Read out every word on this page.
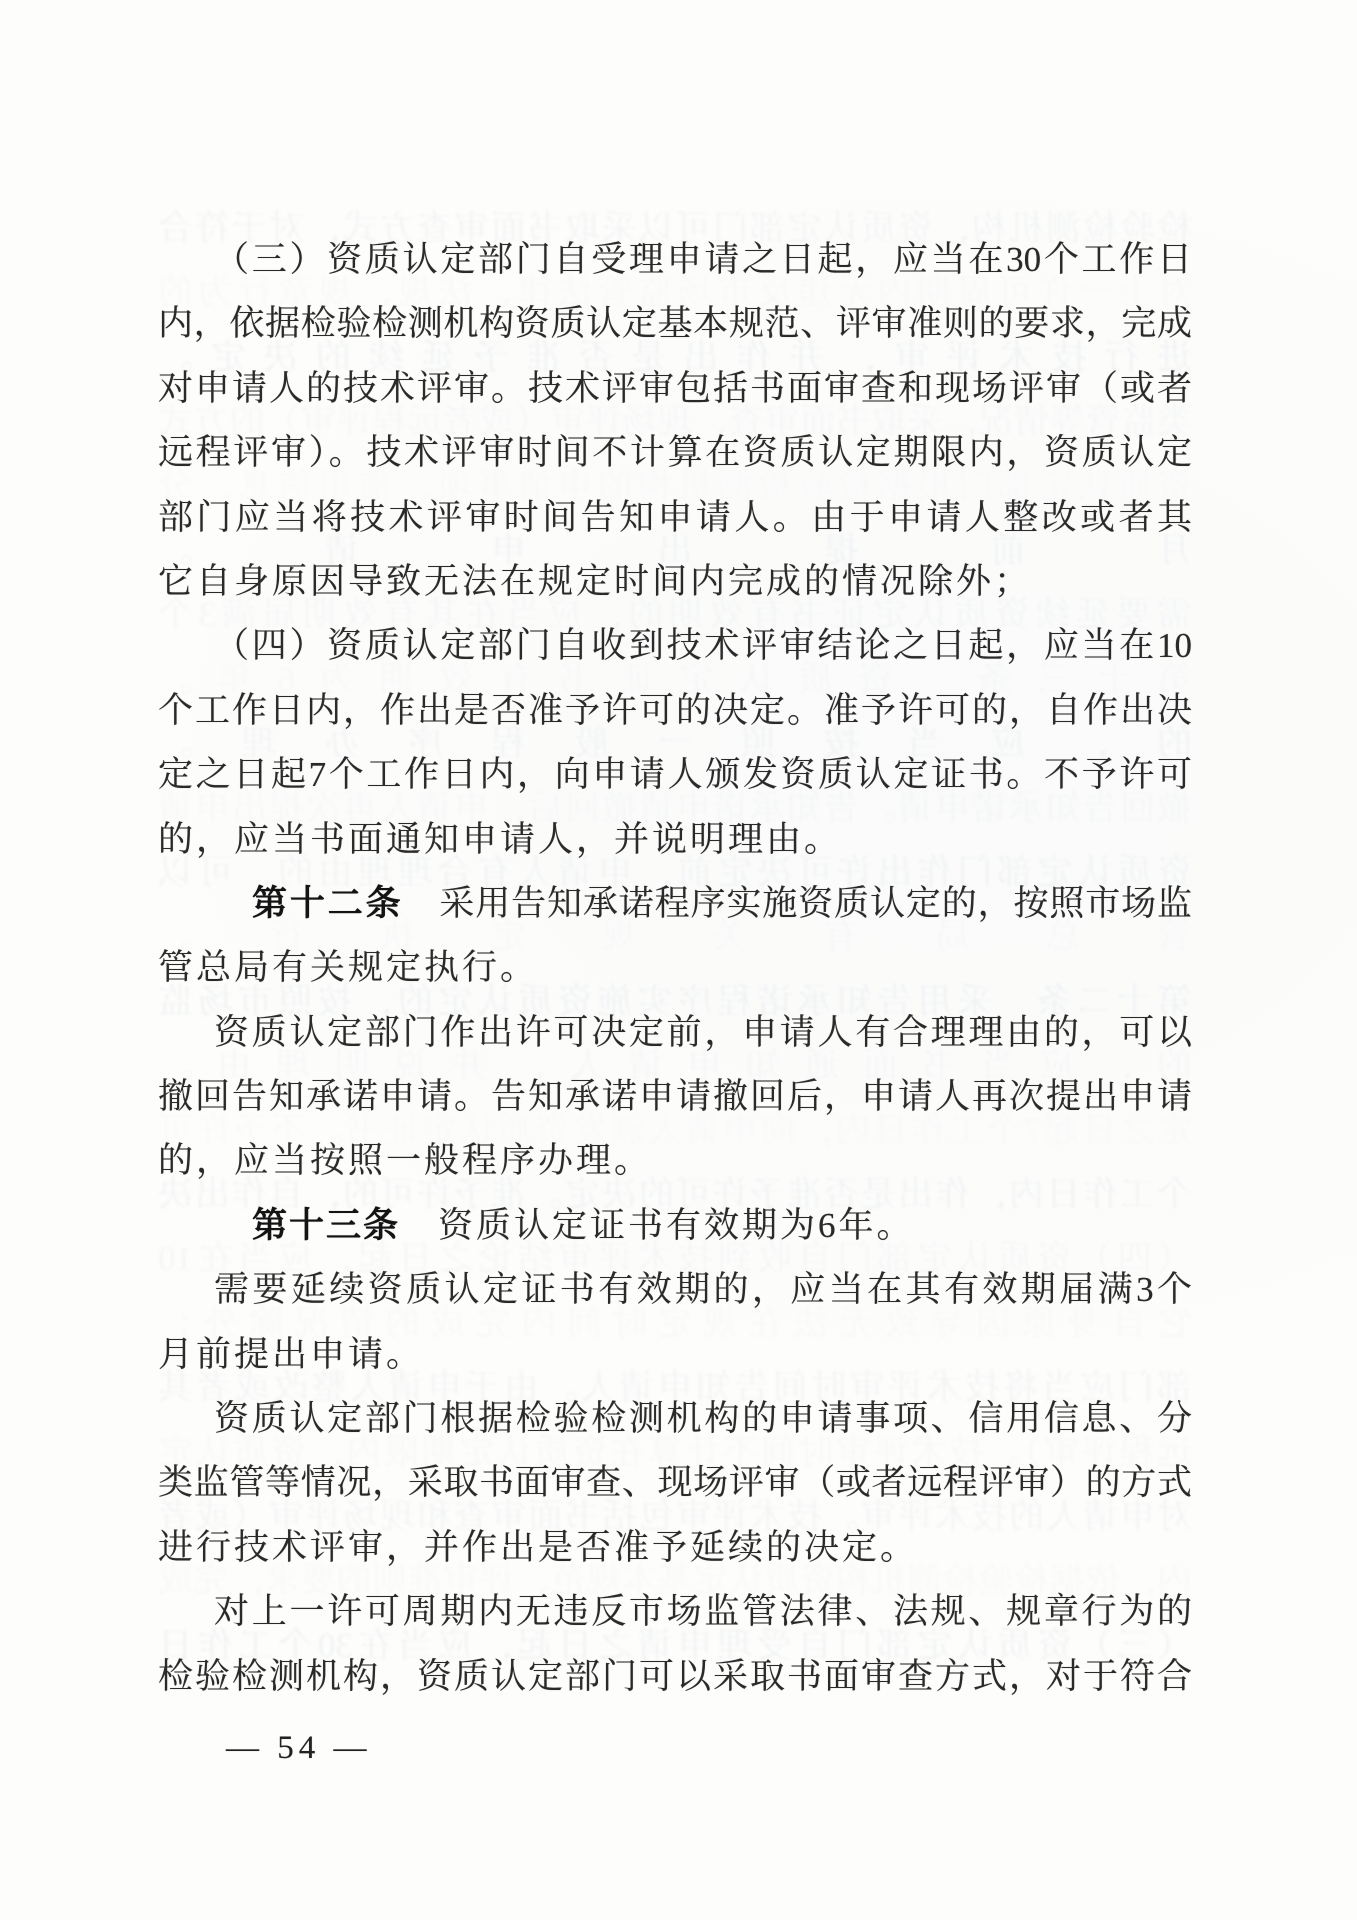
检验检测机构，资质认定部门可以采取书面审查方式，对于符合
对上一许可周期内无违反市场监管法律、法规、规章行为的
进行技术评审，并作出是否准予延续的决定。
类监管等情况，采取书面审查、现场评审（或者远程评审）的方式
月前提出申请。
需要延续资质认定证书有效期的，应当在其有效期届满3个
第十三条　资质认定证书有效期为6年。
的，应当按照一般程序办理。
撤回告知承诺申请。告知承诺申请撤回后，申请人再次提出申请
资质认定部门作出许可决定前，申请人有合理理由的，可以
管总局有关规定执行。
第十二条　采用告知承诺程序实施资质认定的，按照市场监
的，应当书面通知申请人，并说明理由。
个工作日内，作出是否准予许可的决定。准予许可的，自作出决
（四）资质认定部门自收到技术评审结论之日起，应当在10
它自身原因导致无法在规定时间内完成的情况除外；
部门应当将技术评审时间告知申请人。由于申请人整改或者其
远程评审）。技术评审时间不计算在资质认定期限内，资质认定
对申请人的技术评审。技术评审包括书面审查和现场评审（或者
内，依据检验检测机构资质认定基本规范、评审准则的要求，完成
（三）资质认定部门自受理申请之日起，应当在30个工作日
（三）资质认定部门自受理申请之日起，应当在30个工作日
内，依据检验检测机构资质认定基本规范、评审准则的要求，完成
对申请人的技术评审。技术评审包括书面审查和现场评审（或者
远程评审）。技术评审时间不计算在资质认定期限内，资质认定
部门应当将技术评审时间告知申请人。由于申请人整改或者其
它自身原因导致无法在规定时间内完成的情况除外；
（四）资质认定部门自收到技术评审结论之日起，应当在10
个工作日内，作出是否准予许可的决定。准予许可的，自作出决
定之日起7个工作日内，向申请人颁发资质认定证书。不予许可
的，应当书面通知申请人，并说明理由。
第十二条　采用告知承诺程序实施资质认定的，按照市场监
管总局有关规定执行。
资质认定部门作出许可决定前，申请人有合理理由的，可以
撤回告知承诺申请。告知承诺申请撤回后，申请人再次提出申请
的，应当按照一般程序办理。
第十三条　资质认定证书有效期为6年。
需要延续资质认定证书有效期的，应当在其有效期届满3个
月前提出申请。
资质认定部门根据检验检测机构的申请事项、信用信息、分
类监管等情况，采取书面审查、现场评审（或者远程评审）的方式
进行技术评审，并作出是否准予延续的决定。
对上一许可周期内无违反市场监管法律、法规、规章行为的
检验检测机构，资质认定部门可以采取书面审查方式，对于符合
— 54 —
